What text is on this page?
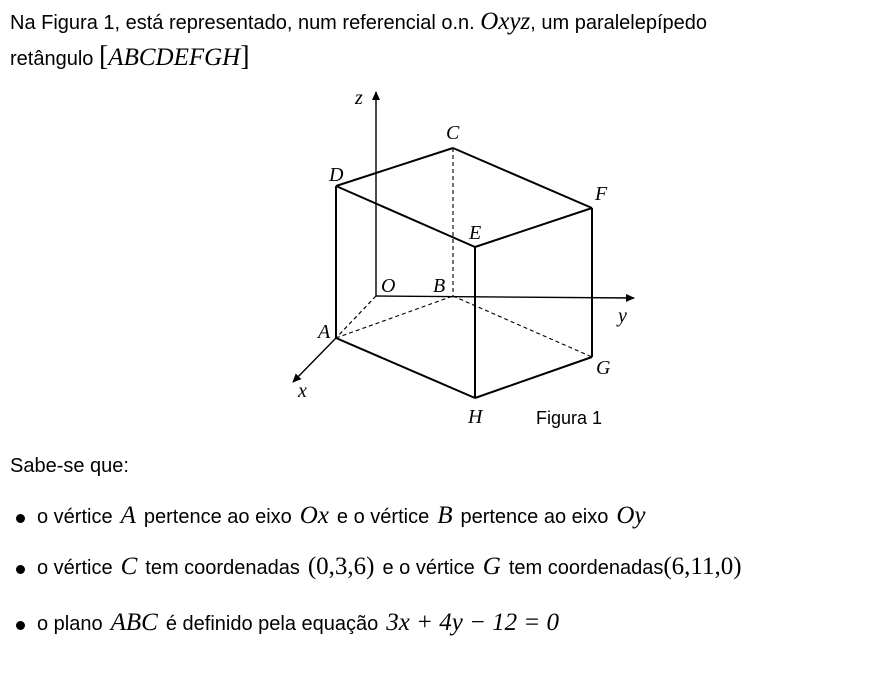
Na Figura 1, está representado, num referencial o.n. Oxyz, um paralelepípedo
retângulo [ABCDEFGH]
z
y
x
O B
A
C
D
E
F
G
H	Figura 1
Sabe-se que:
o vértice A pertence ao eixo Ox e o vértice B pertence ao eixo Oy
o vértice C tem coordenadas (0,3,6) e o vértice G tem coordenadas (6,11,0)
o plano ABC é definido pela equação 3x + 4y − 12 = 0
